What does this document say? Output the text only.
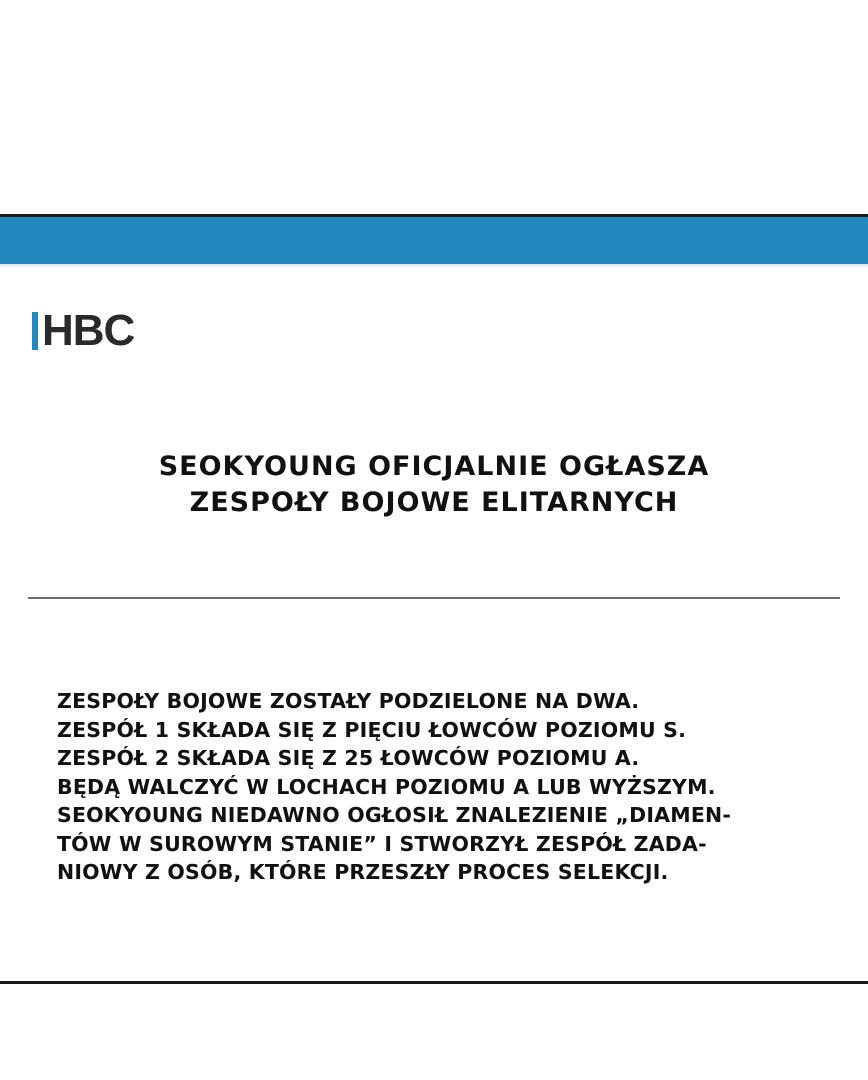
HBC
SEOKYOUNG OFICJALNIE OGŁASZA
ZESPOŁY BOJOWE ELITARNYCH
ZESPOŁY BOJOWE ZOSTAŁY PODZIELONE NA DWA.
ZESPÓŁ 1 SKŁADA SIĘ Z PIĘCIU ŁOWCÓW POZIOMU S.
ZESPÓŁ 2 SKŁADA SIĘ Z 25 ŁOWCÓW POZIOMU A.
BĘDĄ WALCZYĆ W LOCHACH POZIOMU A LUB WYŻSZYM.
SEOKYOUNG NIEDAWNO OGŁOSIŁ ZNALEZIENIE „DIAMEN-
TÓW W SUROWYM STANIE” I STWORZYŁ ZESPÓŁ ZADA-
NIOWY Z OSÓB, KTÓRE PRZESZŁY PROCES SELEKCJI.
